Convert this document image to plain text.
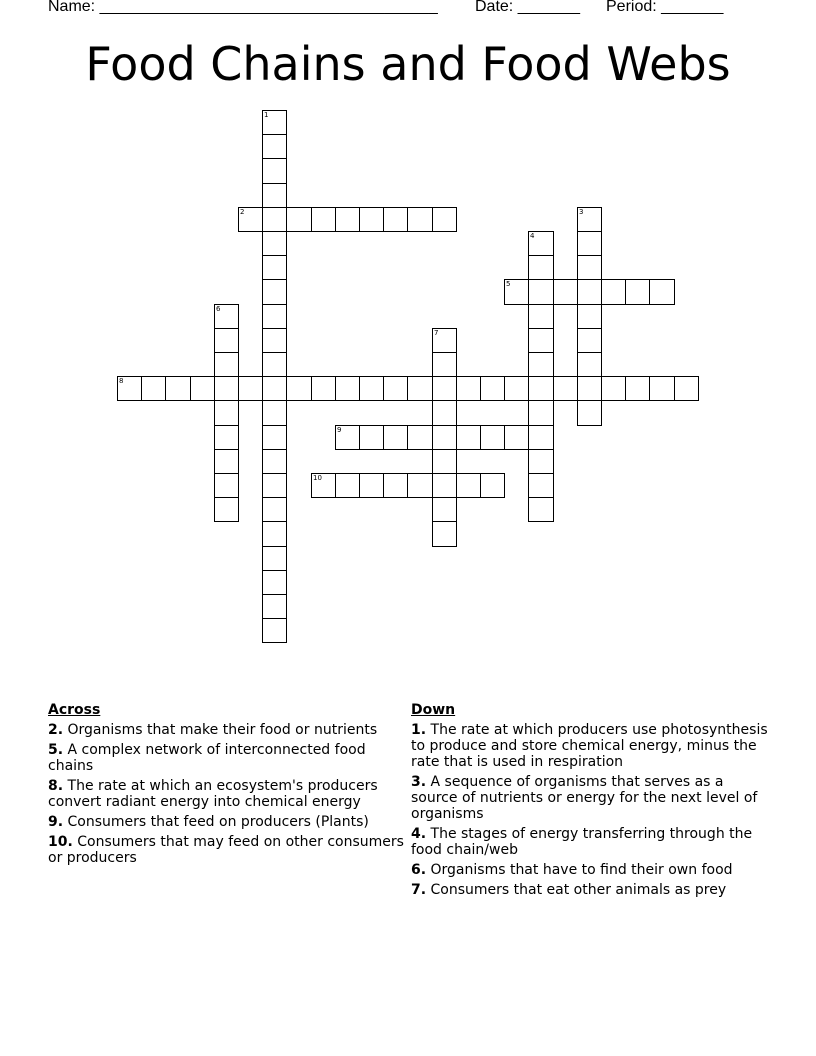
Name: ______________________________________ Date: _______ Period: _______
Food Chains and Food Webs
1
2	3
4
5
6
7
8
9
10
Across
2. Organisms that make their food or nutrients
5. A complex network of interconnected food chains
8. The rate at which an ecosystem's producers convert radiant energy into chemical energy
9. Consumers that feed on producers (Plants)
10. Consumers that may feed on other consumers or producers
Down
1. The rate at which producers use photosynthesis to produce and store chemical energy, minus the rate that is used in respiration
3. A sequence of organisms that serves as a source of nutrients or energy for the next level of organisms
4. The stages of energy transferring through the food chain/web
6. Organisms that have to find their own food
7. Consumers that eat other animals as prey
